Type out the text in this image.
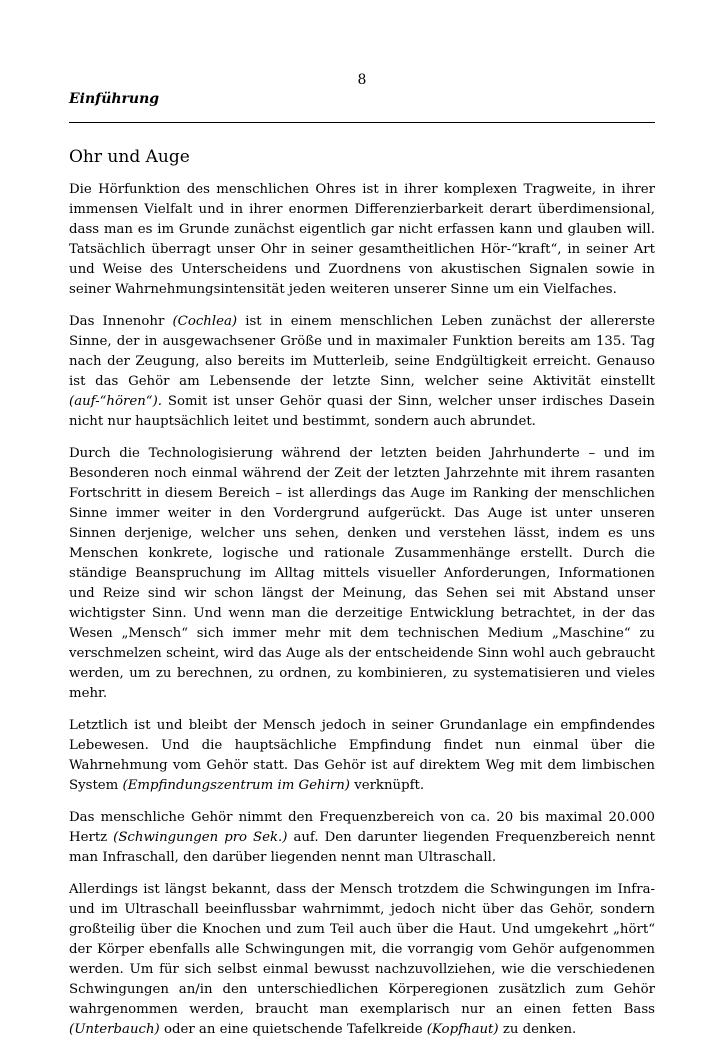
8
Einführung
Ohr und Auge

Die Hörfunktion des menschlichen Ohres ist in ihrer komplexen Tragweite, in ihrer immensen Vielfalt und in ihrer enormen Differenzierbarkeit derart überdimensional, dass man es im Grunde zunächst eigentlich gar nicht erfassen kann und glauben will. Tatsächlich überragt unser Ohr in seiner gesamtheitlichen Hör-“kraft“, in seiner Art und Weise des Unterscheidens und Zuordnens von akustischen Signalen sowie in seiner Wahrnehmungsintensität jeden weiteren unserer Sinne um ein Vielfaches.

Das Innenohr (Cochlea) ist in einem menschlichen Leben zunächst der allererste Sinne, der in ausgewachsener Größe und in maximaler Funktion bereits am 135. Tag nach der Zeugung, also bereits im Mutterleib, seine Endgültigkeit erreicht. Genauso ist das Gehör am Lebensende der letzte Sinn, welcher seine Aktivität einstellt (auf-“hören“). Somit ist unser Gehör quasi der Sinn, welcher unser irdisches Dasein nicht nur hauptsächlich leitet und bestimmt, sondern auch abrundet.

Durch die Technologisierung während der letzten beiden Jahrhunderte – und im Besonderen noch einmal während der Zeit der letzten Jahrzehnte mit ihrem rasanten Fortschritt in diesem Bereich – ist allerdings das Auge im Ranking der menschlichen Sinne immer weiter in den Vordergrund aufgerückt. Das Auge ist unter unseren Sinnen derjenige, welcher uns sehen, denken und verstehen lässt, indem es uns Menschen konkrete, logische und rationale Zusammenhänge erstellt. Durch die ständige Beanspruchung im Alltag mittels visueller Anforderungen, Informationen und Reize sind wir schon längst der Meinung, das Sehen sei mit Abstand unser wichtigster Sinn. Und wenn man die derzeitige Entwicklung betrachtet, in der das Wesen „Mensch“ sich immer mehr mit dem technischen Medium „Maschine“ zu verschmelzen scheint, wird das Auge als der entscheidende Sinn wohl auch gebraucht werden, um zu berechnen, zu ordnen, zu kombinieren, zu systematisieren und vieles mehr.

Letztlich ist und bleibt der Mensch jedoch in seiner Grundanlage ein empfindendes Lebewesen. Und die hauptsächliche Empfindung findet nun einmal über die Wahrnehmung vom Gehör statt. Das Gehör ist auf direktem Weg mit dem limbischen System (Empfindungszentrum im Gehirn) verknüpft.

Das menschliche Gehör nimmt den Frequenzbereich von ca. 20 bis maximal 20.000 Hertz (Schwingungen pro Sek.) auf. Den darunter liegenden Frequenzbereich nennt man Infraschall, den darüber liegenden nennt man Ultraschall.

Allerdings ist längst bekannt, dass der Mensch trotzdem die Schwingungen im Infra- und im Ultraschall beeinflussbar wahrnimmt, jedoch nicht über das Gehör, sondern großteilig über die Knochen und zum Teil auch über die Haut. Und umgekehrt „hört“ der Körper ebenfalls alle Schwingungen mit, die vorrangig vom Gehör aufgenommen werden. Um für sich selbst einmal bewusst nachzuvollziehen, wie die verschiedenen Schwingungen an/in den unterschiedlichen Körperegionen zusätzlich zum Gehör wahrgenommen werden, braucht man exemplarisch nur an einen fetten Bass (Unterbauch) oder an eine quietschende Tafelkreide (Kopfhaut) zu denken.
